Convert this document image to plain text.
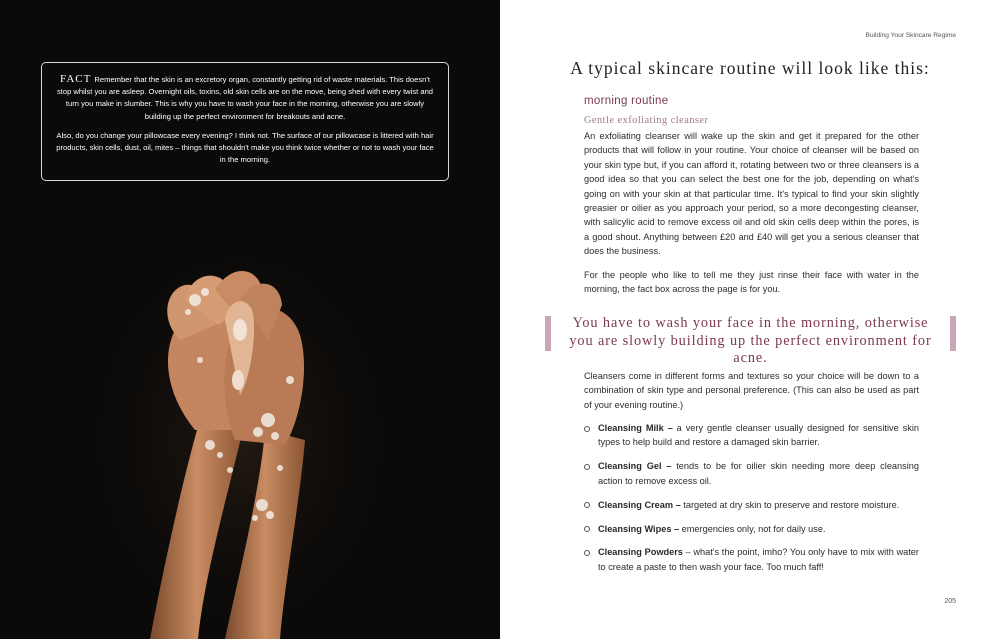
FACT Remember that the skin is an excretory organ, constantly getting rid of waste materials. This doesn't stop whilst you are asleep. Overnight oils, toxins, old skin cells are on the move, being shed with every twist and turn you make in slumber. This is why you have to wash your face in the morning, otherwise you are slowly building up the perfect environment for breakouts and acne.

Also, do you change your pillowcase every evening? I think not. The surface of our pillowcase is littered with hair products, skin cells, dust, oil, mites – things that shouldn't make you think twice whether or not to wash your face in the morning.

Building Your Skincare Regime
A typical skincare routine will look like this:
morning routine
Gentle exfoliating cleanser
An exfoliating cleanser will wake up the skin and get it prepared for the other products that will follow in your routine. Your choice of cleanser will be based on your skin type but, if you can afford it, rotating between two or three cleansers is a good idea so that you can select the best one for the job, depending on what's going on with your skin at that particular time. It's typical to find your skin slightly greasier or oilier as you approach your period, so a more decongesting cleanser, with salicylic acid to remove excess oil and old skin cells deep within the pores, is a good shout. Anything between £20 and £40 will get you a serious cleanser that does the business.
For the people who like to tell me they just rinse their face with water in the morning, the fact box across the page is for you.
You have to wash your face in the morning, otherwise you are slowly building up the perfect environment for acne.
Cleansers come in different forms and textures so your choice will be down to a combination of skin type and personal preference. (This can also be used as part of your evening routine.)
Cleansing Milk – a very gentle cleanser usually designed for sensitive skin types to help build and restore a damaged skin barrier.
Cleansing Gel – tends to be for oilier skin needing more deep cleansing action to remove excess oil.
Cleansing Cream – targeted at dry skin to preserve and restore moisture.
Cleansing Wipes – emergencies only, not for daily use.
Cleansing Powders – what's the point, imho? You only have to mix with water to create a paste to then wash your face. Too much faff!
205
